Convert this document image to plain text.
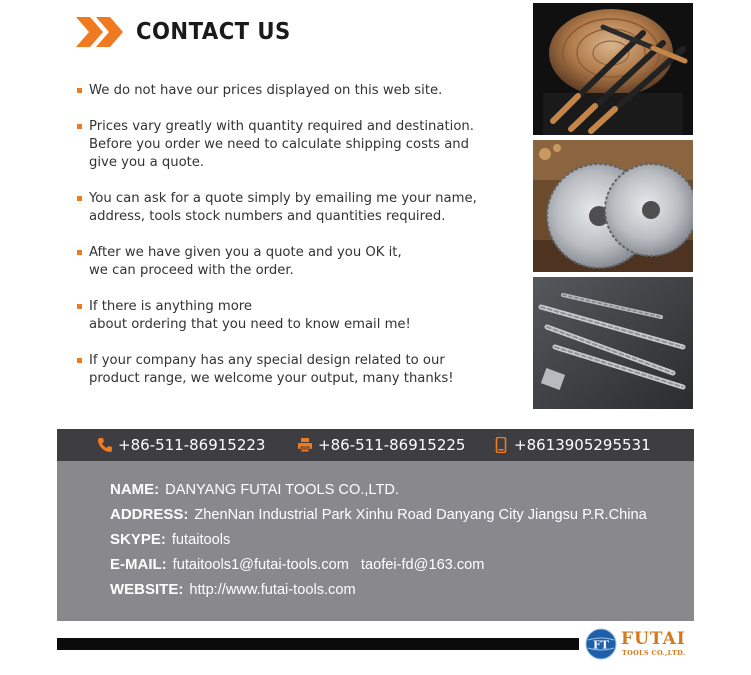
CONTACT US
We do not have our prices displayed on this web site.
Prices vary greatly with quantity required and destination.
Before you order we need to calculate shipping costs and
give you a quote.
You can ask for a quote simply by emailing me your name,
address, tools stock numbers and quantities required.
After we have given you a quote and you OK it,
we can proceed with the order.
If there is anything more
about ordering that you need to know email me!
If your company has any special design related to our
product range, we welcome your output, many thanks!
+86-511-86915223	+86-511-86915225	+8613905295531
NAME: DANYANG FUTAI TOOLS CO.,LTD.
ADDRESS: ZhenNan Industrial Park Xinhu Road Danyang City Jiangsu P.R.China
SKYPE: futaitools
E-MAIL: futaitools1@futai-tools.com taofei-fd@163.com
WEBSITE: http://www.futai-tools.com
FT FUTAI
TOOLS CO.,LTD.
